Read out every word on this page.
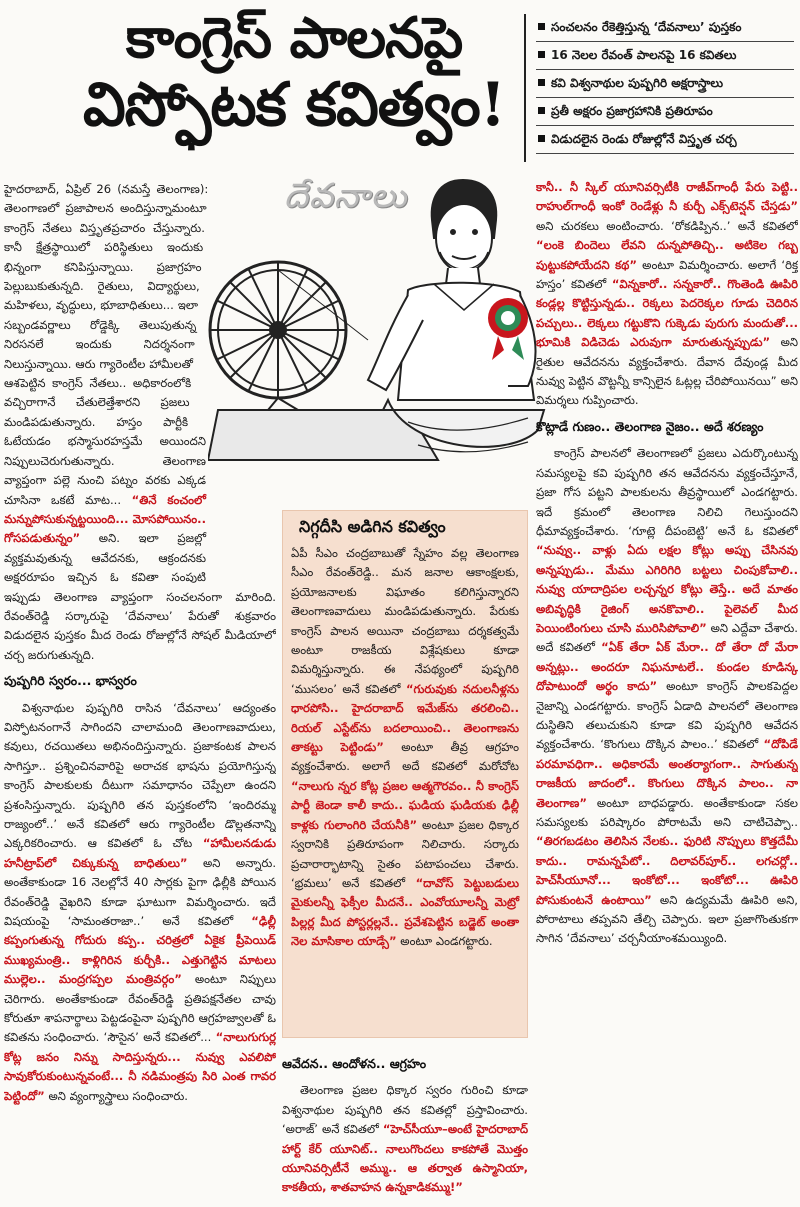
కాంగ్రెస్ పాలనపై
విస్ఫోటక కవిత్వం!
సంచలనం రేకెత్తిస్తున్న ‘దేవనాలు’ పుస్తకం
16 నెలల రేవంత్ పాలనపై 16 కవితలు
కవి విశ్వనాథుల పుష్పగిరి అక్షరాస్త్రాలు
ప్రతీ అక్షరం ప్రజాగ్రహానికి ప్రతిరూపం
విడుదలైన రెండు రోజుల్లోనే విస్తృత చర్చ
దేవనాలు

హైదరాబాద్, ఏప్రిల్ 26 (నమస్తే తెలంగాణ): తెలంగాణలో ప్రజాపాలన అందిస్తున్నామంటూ కాంగ్రెస్ నేతలు విస్తృతప్రచారం చేస్తున్నారు. కానీ క్షేత్రస్థాయిలో పరిస్థితులు ఇందుకు భిన్నంగా కనిపిస్తున్నాయి. ప్రజాగ్రహం పెల్లుబుకుతున్నది. రైతులు, విద్యార్థులు, మహిళలు, వృద్ధులు, భూబాధితులు... ఇలా సబ్బండవర్ణాలు రోడ్డెక్కి తెలుపుతున్న నిరసనలే ఇందుకు నిదర్శనంగా నిలుస్తున్నాయి. ఆరు గ్యారెంటీల హామీలతో ఆశపెట్టిన కాంగ్రెస్ నేతలు.. అధికారంలోకి వచ్చిరాగానే చేతులెత్తేశారని ప్రజలు మండిపడుతున్నారు. హస్తం పార్టీకి ఓటేయడం భస్మాసురహస్తమే అయిందని నిప్పులుచెరుగుతున్నారు. తెలంగాణ వ్యాప్తంగా పల్లె నుంచి పట్నం వరకు ఎక్కడ చూసినా ఒకటే మాట... “తినే కంచంలో మన్నుపోసుకున్నట్టయింది... మోసపోయినం.. గోసపడుతున్నం” అని. ఇలా ప్రజల్లో వ్యక్తమవుతున్న ఆవేదనకు, ఆక్రందనకు అక్షరరూపం ఇచ్చిన ఓ కవితా సంపుటి ఇప్పుడు తెలంగాణ వ్యాప్తంగా సంచలనంగా మారింది. రేవంత్‌రెడ్డి సర్కారుపై ‘దేవనాలు’ పేరుతో శుక్రవారం విడుదలైన పుస్తకం మీద రెండు రోజుల్లోనే సోషల్ మీడియాలో చర్చ జరుగుతున్నది.

పుష్పగిరి స్వరం... భాస్వరం

విశ్వనాథుల పుష్పగిరి రాసిన ‘దేవనాలు’ ఆద్యంతం విస్ఫోటనంగానే సాగిందని చాలామంది తెలంగాణవాదులు, కవులు, రచయితలు అభినందిస్తున్నారు. ప్రజాకంటక పాలన సాగిస్తూ.. ప్రశ్నించినవారిపై అరాచక భాషను ప్రయోగిస్తున్న కాంగ్రెస్ పాలకులకు దీటుగా సమాధానం చెప్పేలా ఉందని ప్రశంసిస్తున్నారు. పుష్పగిరి తన పుస్తకంలోని ‘ఇందిరమ్మ రాజ్యంలో..’ అనే కవితలో ఆరు గ్యారెంటీల డొల్లతనాన్ని ఎక్కరికరించారు. ఆ కవితలో ఓ చోట “హామీలనడుడు హనీట్రాప్‌లో చిక్కుకున్న బాధితులు” అని అన్నారు. అంతేకాకుండా 16 నెలల్లోనే 40 సార్లకు పైగా ఢిల్లీకి పోయిన రేవంత్‌రెడ్డి వైఖరిని కూడా ఘాటుగా విమర్శించారు. ఇదే విషయంపై ‘సామంతరాజా..’ అనే కవితలో “ఢిల్లీ కప్పంగుతున్న గోదురు కప్ప.. చరిత్రలో ఏకైక ప్రీపెయిడ్ ముఖ్యమంత్రి.. కాళ్లిగిరిన కుర్చీకి.. ఎత్తుగెట్టిన మాటలు ముల్లెల.. మంద్రగప్పల మంత్రివర్గం” అంటూ నిప్పులు చెరిగారు. అంతేకాకుండా రేవంత్‌రెడ్డి ప్రతిపక్షనేతల చావు కోరుతూ శాపనార్థాలు పెట్టడంపైనా పుష్పగిరి ఆగ్రహజ్వాలతో ఓ కవితను సంధించారు. ‘సౌసైన’ అనే కవితలో... “నాలుగుగుర్ల కోట్ల జనం నిన్ను సాదిస్తున్నరు... నువ్వు ఎవలిపో సావుకోరుకుంటున్నవంటే... నీ నడిమంత్రపు సిరి ఎంత గావర పెట్టిందో” అని వ్యంగ్యాస్త్రాలు సంధించారు.

నిగ్గదీసి అడిగిన కవిత్వం

ఏపీ సీఎం చంద్రబాబుతో స్నేహం వల్ల తెలంగాణ సీఎం రేవంత్‌రెడ్డి.. మన జనాల ఆకాంక్షలకు, ప్రయోజనాలకు విఘాతం కలిగిస్తున్నారని తెలంగాణవాదులు మండిపడుతున్నారు. పేరుకు కాంగ్రెస్ పాలన అయినా చంద్రబాబు దర్శకత్వమే అంటూ రాజకీయ విశ్లేషకులు కూడా విమర్శిస్తున్నారు. ఈ నేపథ్యంలో పుష్పగిరి ‘ముసలం’ అనే కవితలో “గురువుకు నదులనీళ్లను ధారపోసి.. హైదరాబాద్ ఇమేజ్‌ను తరలించి.. రియల్ ఎస్టేట్‌ను బదలాయించి.. తెలంగాణను తాకట్టు పెట్టిండు” అంటూ తీవ్ర ఆగ్రహం వ్యక్తంచేశారు. అలాగే అదే కవితలో మరోచోట “నాలుగు న్నర కోట్ల ప్రజల ఆత్మగౌరవం.. నీ కాంగ్రెస్ పార్టీ జెండా కాలీ కాదు.. ఘడియ ఘడియకు ఢిల్లీ కాళ్లకు గులాంగిరి చేయనీకి” అంటూ ప్రజల ధిక్కార స్వరానికి ప్రతిరూపంగా నిలిచారు. సర్కారు ప్రచారార్భాటాన్ని సైతం పటాపంచలు చేశారు. ‘భ్రమలు’ అనే కవితలో “దావోస్ పెట్టుబడులు మైకులన్నీ ఫెక్సీల మీదనే.. ఎంవోయూలన్నీ మెట్రో పిల్లర్ల మీద పోస్టర్లల్లనే.. ప్రవేశపెట్టిన బడ్జెట్ అంతా నెల మాసికాల యాడ్సే” అంటూ ఎండగట్టారు.

ఆవేదన.. ఆందోళన.. ఆగ్రహం

తెలంగాణ ప్రజల ధిక్కార స్వరం గురించి కూడా విశ్వనాథుల పుష్పగిరి తన కవితల్లో ప్రస్తావించారు. ‘అరాజ్’ అనే కవితలో “హెచ్‌సీయూ–అంటే హైదరాబాద్ హార్ట్ కేర్ యూనిట్.. నాలుగొందలు కాకపోతే మొత్తం యూనివర్సిటీనే అమ్ము.. ఆ తర్వాత ఉస్మానియా, కాకతీయ, శాతవాహన ఉన్నకాడికమ్ము!”

కానీ.. నీ స్కిల్ యూనివర్సిటీకి రాజీవ్‌గాంధీ పేరు పెట్టి.. రాహుల్‌గాంధీ ఇంకో రెండేళ్లు నీ కుర్చీ ఎక్స్‌టెన్షన్ చేస్తడు” అని చురకలు అంటించారు. ‘రోకడిప్పిన..’ అనే కవితలో “లంకె బిందెలు లేవని దున్నపోతిచ్చి.. అటికెల గబ్బ పుట్టుకపోయేదని కథ” అంటూ విమర్శించారు. అలాగే ‘రిక్త హస్తం’ కవితలో “విన్నకారో.. సన్నకారో.. గొంతెండి ఊపిరి కండ్లల్ల కొట్టిస్తున్నడు.. రెక్కలు పెదరెక్కల గూడు చెదిరిన పచ్చులు.. లెక్కలు గట్టుకొని గుక్కెడు పురుగు మందుతో... భూమికి విడిచెడు ఎరువుగా మారుతున్నప్పుడు” అని రైతుల ఆవేదనను వ్యక్తంచేశారు. దేవాన దేవుండ్ల మీద నువ్వు పెట్టిన వొట్టన్నీ కాన్సిలైన ఓట్లల్ల చేరిపోయినయి” అని విమర్శలు గుప్పించారు.

కొట్లాడే గుణం.. తెలంగాణ నైజం.. అదే శరణ్యం

కాంగ్రెస్ పాలనలో తెలంగాణలో ప్రజలు ఎదుర్కొంటున్న సమస్యలపై కవి పుష్పగిరి తన ఆవేదనను వ్యక్తంచేస్తూనే, ప్రజా గోస పట్టని పాలకులను తీవ్రస్థాయిలో ఎండగట్టారు. ఇదే క్రమంలో తెలంగాణ నిలిచి గెలుస్తుందని ధీమావ్యక్తంచేశారు. ‘గూట్లె దీపంబెట్టి’ అనే ఓ కవితలో “నువ్వు.. వాళ్లు ఏదు లక్షల కోట్లు అప్పు చేసినవు అన్నప్పుడు.. మేము ఎగిరిగిరి బట్టలు చింపుకోవాలి.. నువ్వు యాదాద్రిపల లచ్చన్నర కోట్లు తెస్తే.. అదే మాతం అబివృద్ధికి రైజింగ్ అనకొవాలి.. పైలెవల్ మీద పెయింటింగులు చూసి మురిసిపోవాలి” అని ఎద్దేవా చేశారు. అదే కవితలో “ఏక్ తేరా ఏక్ మేరా.. దో తేరా దో మేరా అన్నట్లు.. అందరూ నిఘనూటలే.. కుండల కూడిన్క దోపాటుందో అర్థం కాదు” అంటూ కాంగ్రెస్ పాలకపెద్దల నైజాన్ని ఎండగట్టారు. కాంగ్రెస్ ఏడాది పాలనలో తెలంగాణ దుస్థితిని తలుచుకుని కూడా కవి పుష్పగిరి ఆవేదన వ్యక్తంచేశారు. ‘కొంగులు దొక్కిన పాలం..’ కవితలో “దోపిడే పరమావధిగా.. అధికారమే అంతర్యాగంగా.. సాగుతున్న రాజకీయ జాదంలో.. కొంగులు దొక్కిన పాలం.. నా తెలంగాణ” అంటూ బాధపడ్డారు. అంతేకాకుండా సకల సమస్యలకు పరిష్కారం పోరాటమే అని చాటిచెప్పా.. “తిరగబడటం తెలిసిన నేలకు.. ఫురిటి నొప్పులు కొత్తదేమీ కాదు.. రామన్నపేటో.. దిలావర్‌పూర్.. లగచర్లో.. హెచ్‌సీయూనో... ఇంకోటో... ఇంకోటో... ఊపిరి పోసుకుంటనే ఉంటాయి” అని ఉద్యమమే ఊపిరి అని, పోరాటాలు తప్పవని తేల్చి చెప్పారు. ఇలా ప్రజాగొంతుకగా సాగిన ‘దేవనాలు’ చర్చనీయాంశమయ్యింది.
